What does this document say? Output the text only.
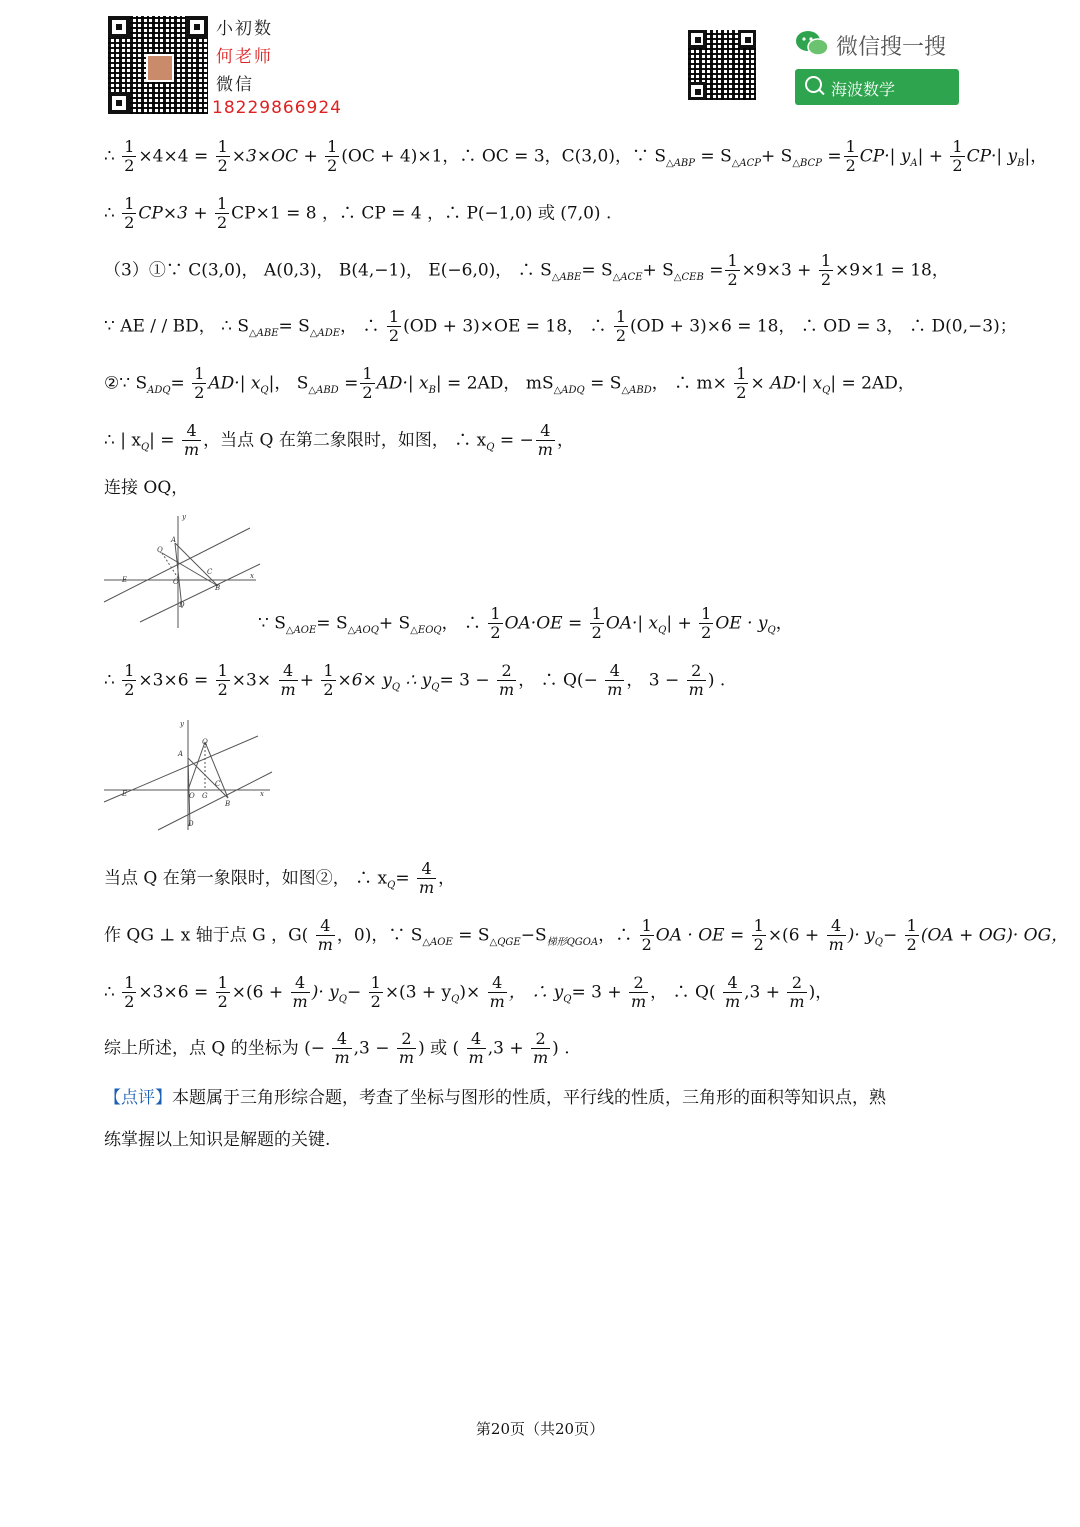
小初数
何老师
微信
18229866924
微信搜一搜
海波数学
∴ $\frac{1}{2} \times 4\times 4 = \frac{1}{2} \times 3\times OC + \frac{1}{2} (OC + 4)\times 1$，∴ OC = 3，C(3,0)，∵ $S_{\triangle ABP} = S_{\triangle ACP}+ S_{\triangle BCP} = \frac{1}{2} CP\cdot|$ $y_A| + \frac{1}{2} CP\cdot|$ $y_B|$，
∴ $\frac{1}{2} CP\times 3 + \frac{1}{2} CP\times 1 = 8$ ，∴ CP = 4 ，∴ P(−1,0) 或 (7,0) .
（3）①∵ C(3,0)， A(0,3)， B(4,−1)， E(−6,0)， ∴ $S_{\triangle ABE}= S_{\triangle ACE}+ S_{\triangle CEB} = \frac{1}{2} \times 9\times 3 + \frac{1}{2} \times 9\times 1 = 18$，
∵ AE / / BD， ∴ $S_{\triangle ABE}= S_{\triangle ADE}$， ∴ $\frac{1}{2} (OD + 3)\times OE = 18$， ∴ $\frac{1}{2} (OD + 3)\times 6 = 18$， ∴ OD = 3， ∴ D(0,−3)；
②∵ $S_{ADQ}= \frac{1}{2} AD\cdot|$ $x_Q|$， $S_{\triangle ABD} = \frac{1}{2} AD\cdot|$ $x_B| = 2AD$， $mS_{\triangle ADQ} = S_{\triangle ABD}$， ∴ $m\times \frac{1}{2} \times AD\cdot|$ $x_Q| = 2AD$，
∴ | $x_Q| = \frac{4}{m}$ ，当点 Q 在第二象限时，如图， ∴ $x_Q$ = − $\frac{4}{m}$ ，
连接 OQ，
y
Q
A
E	O
C
B
D
x
∵ $S_{\triangle AOE}= S_{\triangle AOQ}+ S_{\triangle EOQ}$， ∴ $\frac{1}{2} OA\cdot OE = \frac{1}{2} OA\cdot|$ $x_Q| + \frac{1}{2}$ OE · $y_Q$，
∴ $\frac{1}{2} \times 3\times 6 = \frac{1}{2} \times 3\times \frac{4}{m} + \frac{1}{2} \times 6\times y_Q$ ∴ $y_Q= 3 - \frac{2}{m}$ ， ∴ $Q(- \frac{4}{m}$ ， $3 - \frac{2}{m}$ ) .
y
Q
A
E	O G
C
B
D
x
当点 Q 在第一象限时，如图②， ∴ $x_Q= \frac{4}{m}$ ，
作 QG ⊥ x 轴于点 G ，$G( \frac{4}{m}$ ，0)，∵ $S_{\triangle AOE} = S_{\triangle QGE}-S_{梯形QGOA}$，∴ $\frac{1}{2}$ OA · OE = $\frac{1}{2} \times(6 + \frac{4}{m}$ )· $y_Q- \frac{1}{2} (OA + OG)\cdot$ OG，
∴ $\frac{1}{2} \times 3\times 6 = \frac{1}{2} \times(6 + \frac{4}{m}$ )· $y_Q- \frac{1}{2} \times(3 + y_Q)\times \frac{4}{m}$ ， ∴ $y_Q= 3 + \frac{2}{m}$ ， ∴ $Q( \frac{4}{m} ,3 + \frac{2}{m}$ )，
综上所述，点 Q 的坐标为 (− $\frac{4}{m} ,3 - \frac{2}{m}$ ) 或 ( $\frac{4}{m} ,3 + \frac{2}{m}$ ) .
【点评】本题属于三角形综合题，考查了坐标与图形的性质，平行线的性质，三角形的面积等知识点，熟
练掌握以上知识是解题的关键.
第20页（共20页）
